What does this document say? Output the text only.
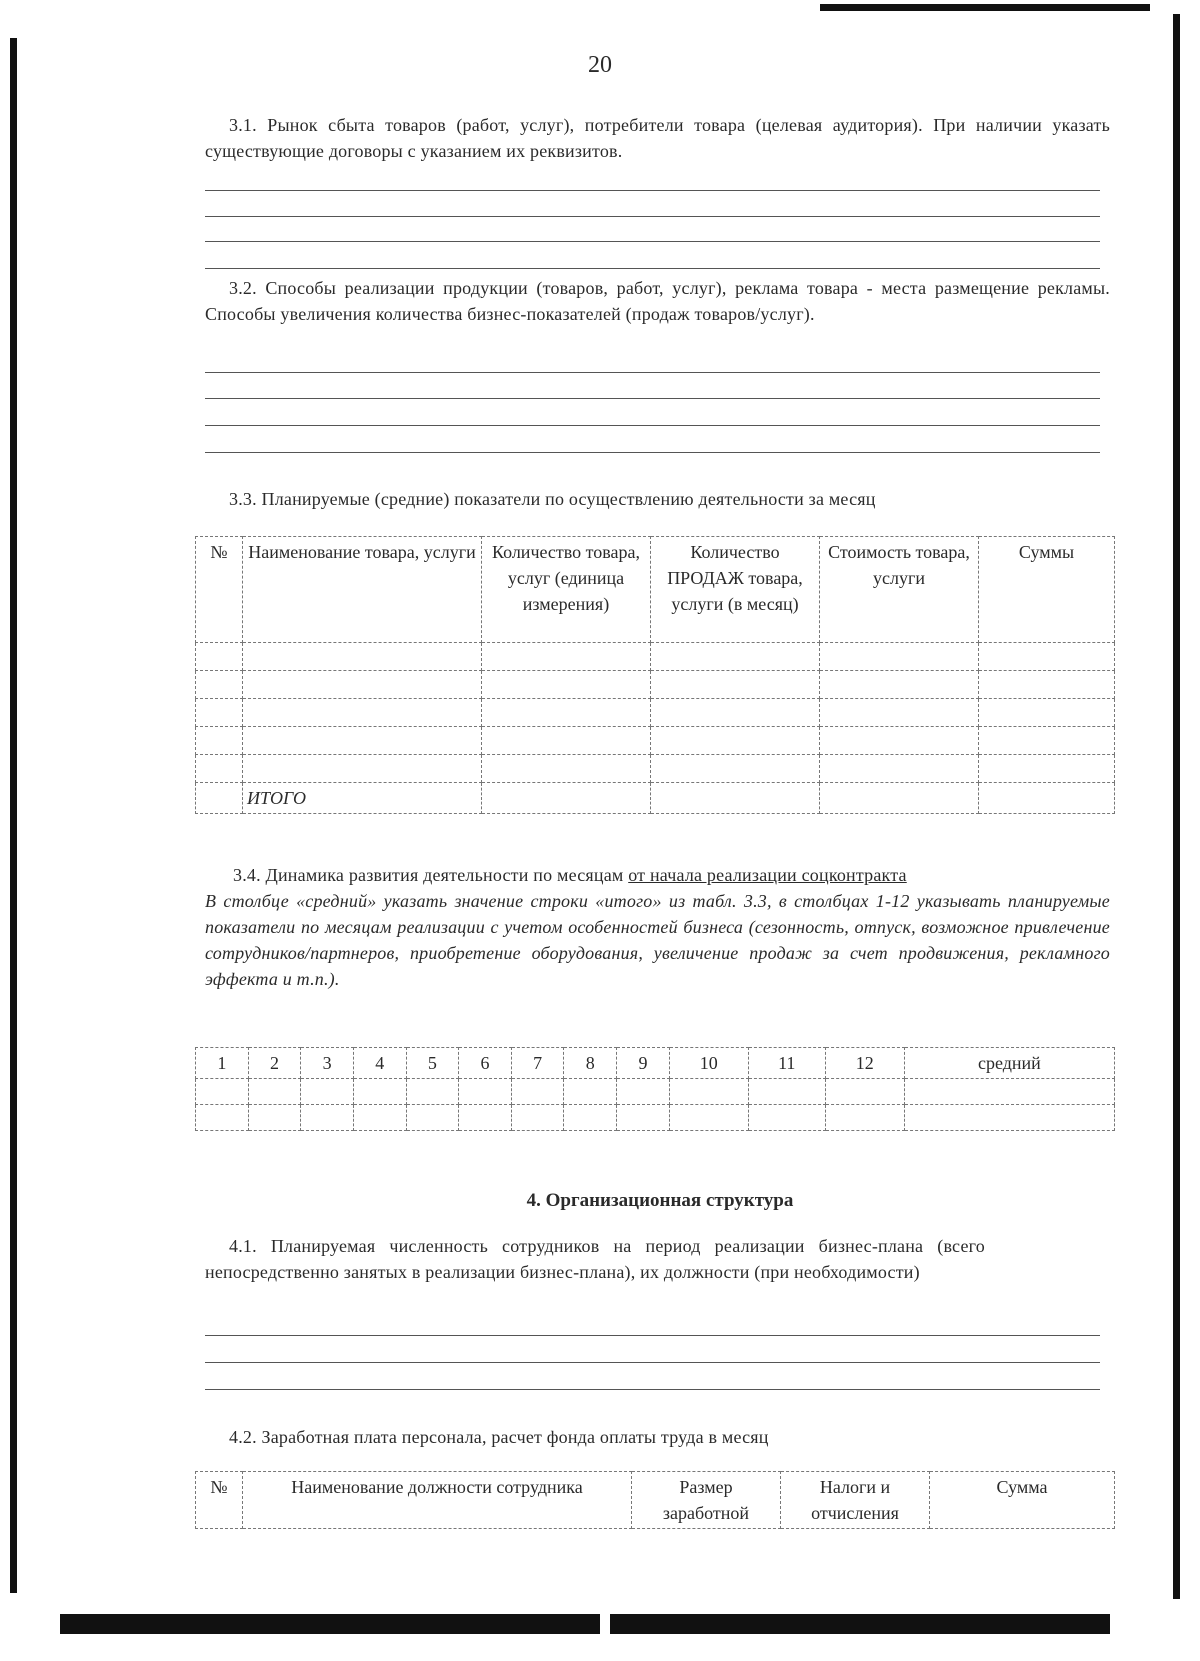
20
3.1. Рынок сбыта товаров (работ, услуг), потребители товара (целевая аудитория). При наличии указать существующие договоры с указанием их реквизитов.
3.2. Способы реализации продукции (товаров, работ, услуг), реклама товара - места размещение рекламы. Способы увеличения количества бизнес-показателей (продаж товаров/услуг).
3.3. Планируемые (средние) показатели по осуществлению деятельности за месяц
№	Наименование товара, услуги	Количество товара, услуг (единица измерения)	Количество ПРОДАЖ товара, услуги (в месяц)	Стоимость товара, услуги	Суммы

	ИТОГО				
3.4. Динамика развития деятельности по месяцам от начала реализации соцконтракта
В столбце «средний» указать значение строки «итого» из табл. 3.3, в столбцах 1-12 указывать планируемые показатели по месяцам реализации с учетом особенностей бизнеса (сезонность, отпуск, возможное привлечение сотрудников/партнеров, приобретение оборудования, увеличение продаж за счет продвижения, рекламного эффекта и т.п.).
1	2	3	4	5	6	7	8	9	10	11	12	средний

4. Организационная структура
4.1. Планируемая численность сотрудников на период реализации бизнес-плана (всего непосредственно занятых в реализации бизнес-плана), их должности (при необходимости)
4.2. Заработная плата персонала, расчет фонда оплаты труда в месяц
№	Наименование должности сотрудника	Размер заработной	Налоги и отчисления	Сумма
